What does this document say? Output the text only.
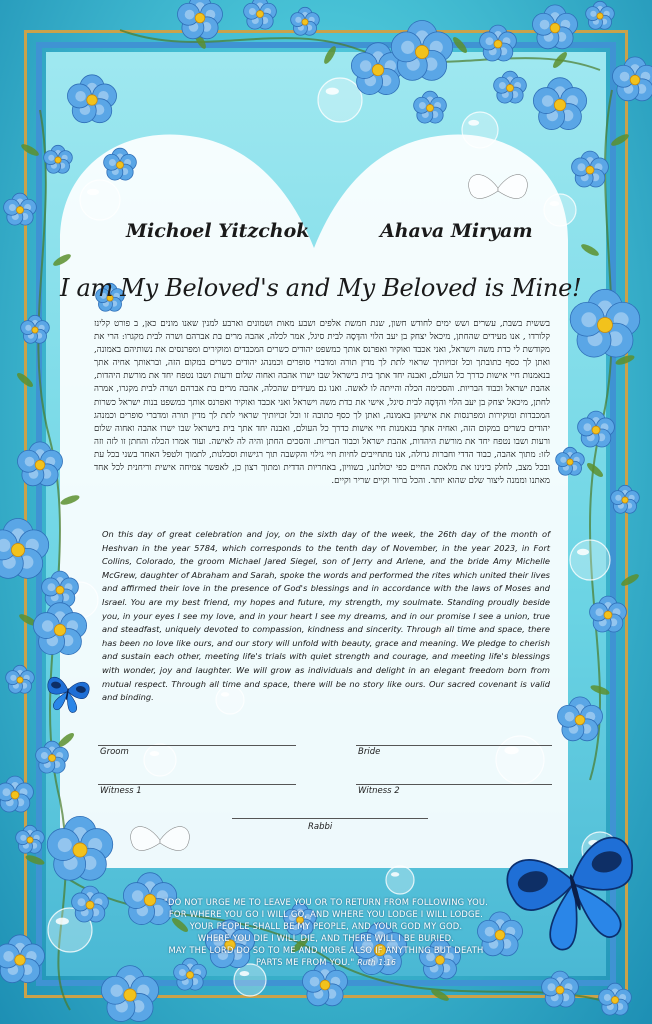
Michoel Yitzchok	Ahava Miryam
I am My Beloved's and My Beloved is Mine!
בששית בשבת, עשרים ושש ימים לחודש חשון, שנת חמשת אלפים ושבע מאות ושמונים וארבע למנין שאנו מונים כאן, ב פורט קלינז קלורדו , אנו מעידים שהחתן, מיכאל יצחק בן יעב הלוי והדָּסָה לבית סיגל, אמר לכלה, אהבה מרים בת אברהם ושרה לבית מקגרו: הרי את מקודשת לי כדת משה וישראל, ואני אכבד ואוקיר ואפרנס אותך כמשפט יהודים כשרים המכבדים ומוקירים ומפרנסים את נשותיהם באמונה, ואתן לך כסף כתובתך וכל זכויותיך שראוי לתת לך מדין תורה ומדברי סופרים וכמנהג יהודים כשרים במקום הזה, ובראותך אחיה אתך בנאמנות חיי אישות כדרך כל העולם, ואבנה יחד אתך בית בישראל שבו ישרו אהבה ואחוה שלום ורעות ושבו נטפח יחד את מורשת היהדות, אהבת ישראל וכבוד הבריות. והסכימה הכלה והייתה לו לאשה. ואנו גם מעידים שהכלה, אהבה מרים בת אברהם ושרה לבית מקגרו, אמרה לחתן, מיכאל יצחק בן יעב הלוי והדָּסָה לבית סיגל, אישי את כדת משה וישראל ואני אכבד ואוקיר ואפרנס אותך כמשפט בנות ישראל כשרות המכבדות ומוקירות ומפרנסות את אישיהן באמונה, ואתן לך כסף כתובה זו וכל זכויותיך שראוי לתת לך מדין תורה ומדברי סופרים וכמנהג יהודים כשרים במקום הזה, ואחיה אתך בנאמנות חיי אישות כדרך כל העולם, ואבנה יחד אתך בית בישראל שבו ישרו אהבה ואחוה שלום ורעות ושבו נטפח יחד את מורשת היהדות, אהבת ישראל וכבוד הבריות. והסכים החתן והיה לה לאישה. ועוד אמרו הכלה והחתן זו לזה וזה לזו: מתוך אהבה, כבוד הדדי וחברות גדולה, אנו מתחייבים לחיות חיי גילוי והקשבה תוך רגישות וסבלנות, לתמוך ולטפל האחד בשני בכל עת ובכל מצב, לחלק בינינו את מלאכת החיים כפי יכולתנו, בשוויון, באחריות הדדית ומתוך רצון כן, לאפשר צמיחה אישית וריחנית לכל אחד מאתנו וממנה ליצור שלם שהוא יותר. והכל ברור וקיים שריר וקיים.
On this day of great celebration and joy, on the sixth day of the week, the 26th day of the month of Heshvan in the year 5784, which corresponds to the tenth day of November, in the year 2023, in Fort Collins, Colorado, the groom Michael Jared Siegel, son of Jerry and Arlene, and the bride Amy Michelle McGrew, daughter of Abraham and Sarah, spoke the words and performed the rites which united their lives and affirmed their love in the presence of God's blessings and in accordance with the laws of Moses and Israel. You are my best friend, my hopes and future, my strength, my soulmate. Standing proudly beside you, in your eyes I see my love, and in your heart I see my dreams, and in our promise I see a union, true and steadfast, uniquely devoted to compassion, kindness and sincerity. Through all time and space, there has been no love like ours, and our story will unfold with beauty, grace and meaning. We pledge to cherish and sustain each other, meeting life's trials with quiet strength and courage, and meeting life's blessings with wonder, joy and laughter. We will grow as individuals and delight in an elegant freedom born from mutual respect. Through all time and space, there will be no story like ours. Our sacred covenant is valid and binding.
Groom	Bride
Witness 1	Witness 2
Rabbi
"DO NOT URGE ME TO LEAVE YOU OR TO RETURN FROM FOLLOWING YOU.
FOR WHERE YOU GO I WILL GO, AND WHERE YOU LODGE I WILL LODGE.
YOUR PEOPLE SHALL BE MY PEOPLE, AND YOUR GOD MY GOD.
WHERE YOU DIE I WILL DIE, AND THERE WILL I BE BURIED.
MAY THE LORD DO SO TO ME AND MORE ALSO IF ANYTHING BUT DEATH
PARTS ME FROM YOU." Ruth 1:16
